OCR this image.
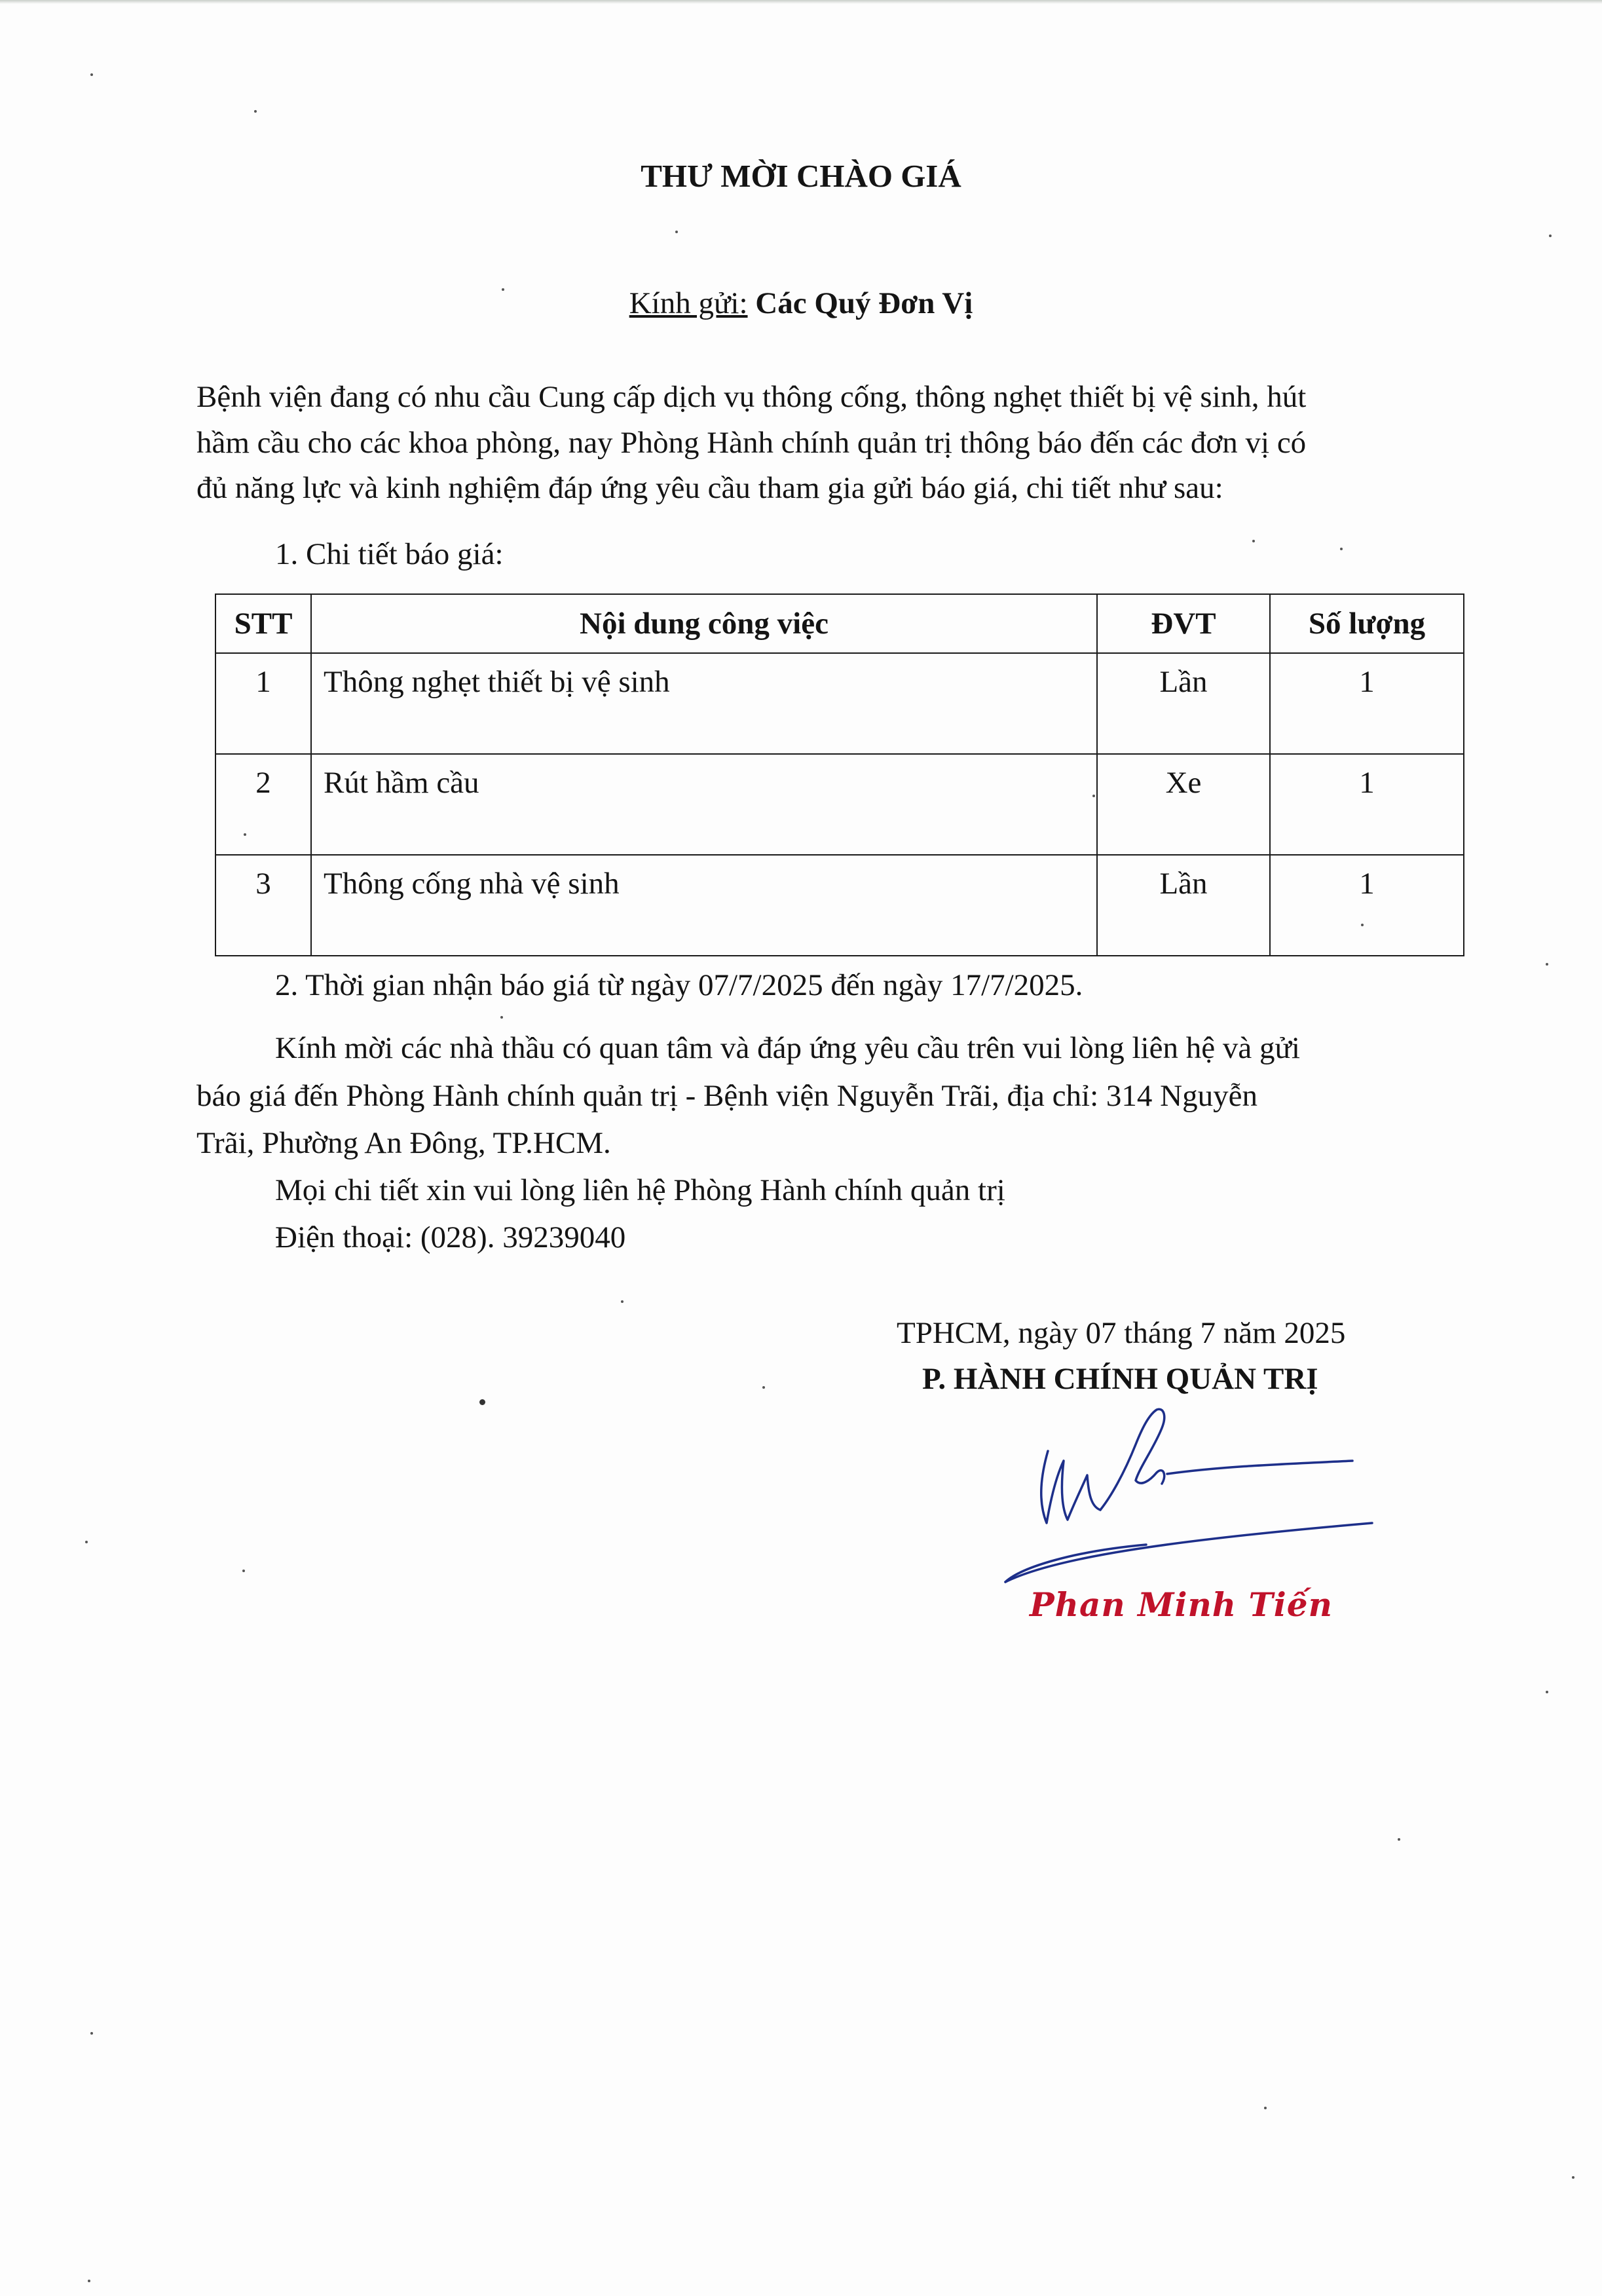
THƯ MỜI CHÀO GIÁ
Kính gửi: Các Quý Đơn Vị
Bệnh viện đang có nhu cầu Cung cấp dịch vụ thông cống, thông nghẹt thiết bị vệ sinh, hút
hầm cầu cho các khoa phòng, nay Phòng Hành chính quản trị thông báo đến các đơn vị có
đủ năng lực và kinh nghiệm đáp ứng yêu cầu tham gia gửi báo giá, chi tiết như sau:
1. Chi tiết báo giá:
STT	Nội dung công việc	ĐVT	Số lượng
1	Thông nghẹt thiết bị vệ sinh	Lần	1
2	Rút hầm cầu	Xe	1
3	Thông cống nhà vệ sinh	Lần	1
2. Thời gian nhận báo giá từ ngày 07/7/2025 đến ngày 17/7/2025.
Kính mời các nhà thầu có quan tâm và đáp ứng yêu cầu trên vui lòng liên hệ và gửi
báo giá đến Phòng Hành chính quản trị - Bệnh viện Nguyễn Trãi, địa chỉ: 314 Nguyễn
Trãi, Phường An Đông, TP.HCM.
Mọi chi tiết xin vui lòng liên hệ Phòng Hành chính quản trị
Điện thoại: (028). 39239040
TPHCM, ngày 07 tháng 7 năm 2025
P. HÀNH CHÍNH QUẢN TRỊ
Phan Minh Tiến
